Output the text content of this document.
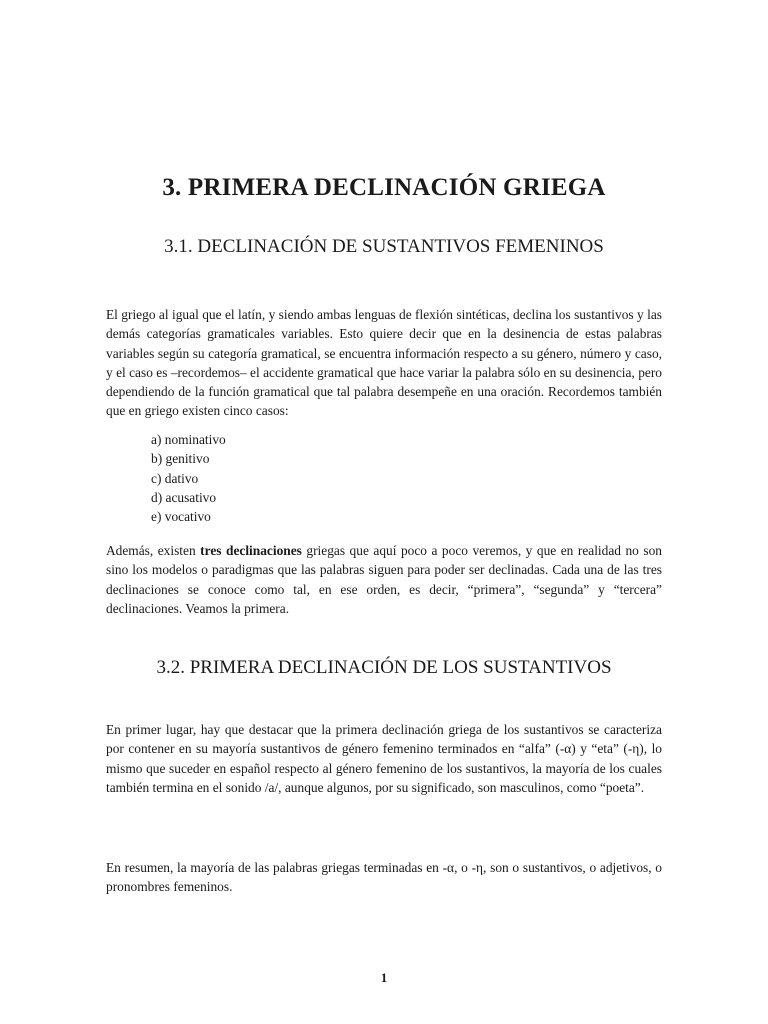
3. PRIMERA DECLINACIÓN GRIEGA
3.1. DECLINACIÓN DE SUSTANTIVOS FEMENINOS

El griego al igual que el latín, y siendo ambas lenguas de flexión sintéticas, declina los sustantivos y las demás categorías gramaticales variables. Esto quiere decir que en la desinencia de estas palabras variables según su categoría gramatical, se encuentra información respecto a su género, número y caso, y el caso es –recordemos– el accidente gramatical que hace variar la palabra sólo en su desinencia, pero dependiendo de la función gramatical que tal palabra desempeñe en una oración. Recordemos también que en griego existen cinco casos:

a) nominativo
b) genitivo
c) dativo
d) acusativo
e) vocativo

Además, existen tres declinaciones griegas que aquí poco a poco veremos, y que en realidad no son sino los modelos o paradigmas que las palabras siguen para poder ser declinadas. Cada una de las tres declinaciones se conoce como tal, en ese orden, es decir, “primera”, “segunda” y “tercera” declinaciones. Veamos la primera.

3.2. PRIMERA DECLINACIÓN DE LOS SUSTANTIVOS

En primer lugar, hay que destacar que la primera declinación griega de los sustantivos se caracteriza por contener en su mayoría sustantivos de género femenino terminados en “alfa” (-α) y “eta” (-η), lo mismo que suceder en español respecto al género femenino de los sustantivos, la mayoría de los cuales también termina en el sonido /a/, aunque algunos, por su significado, son masculinos, como “poeta”.

En resumen, la mayoría de las palabras griegas terminadas en -α, o -η, son o sustantivos, o adjetivos, o pronombres femeninos.

1
